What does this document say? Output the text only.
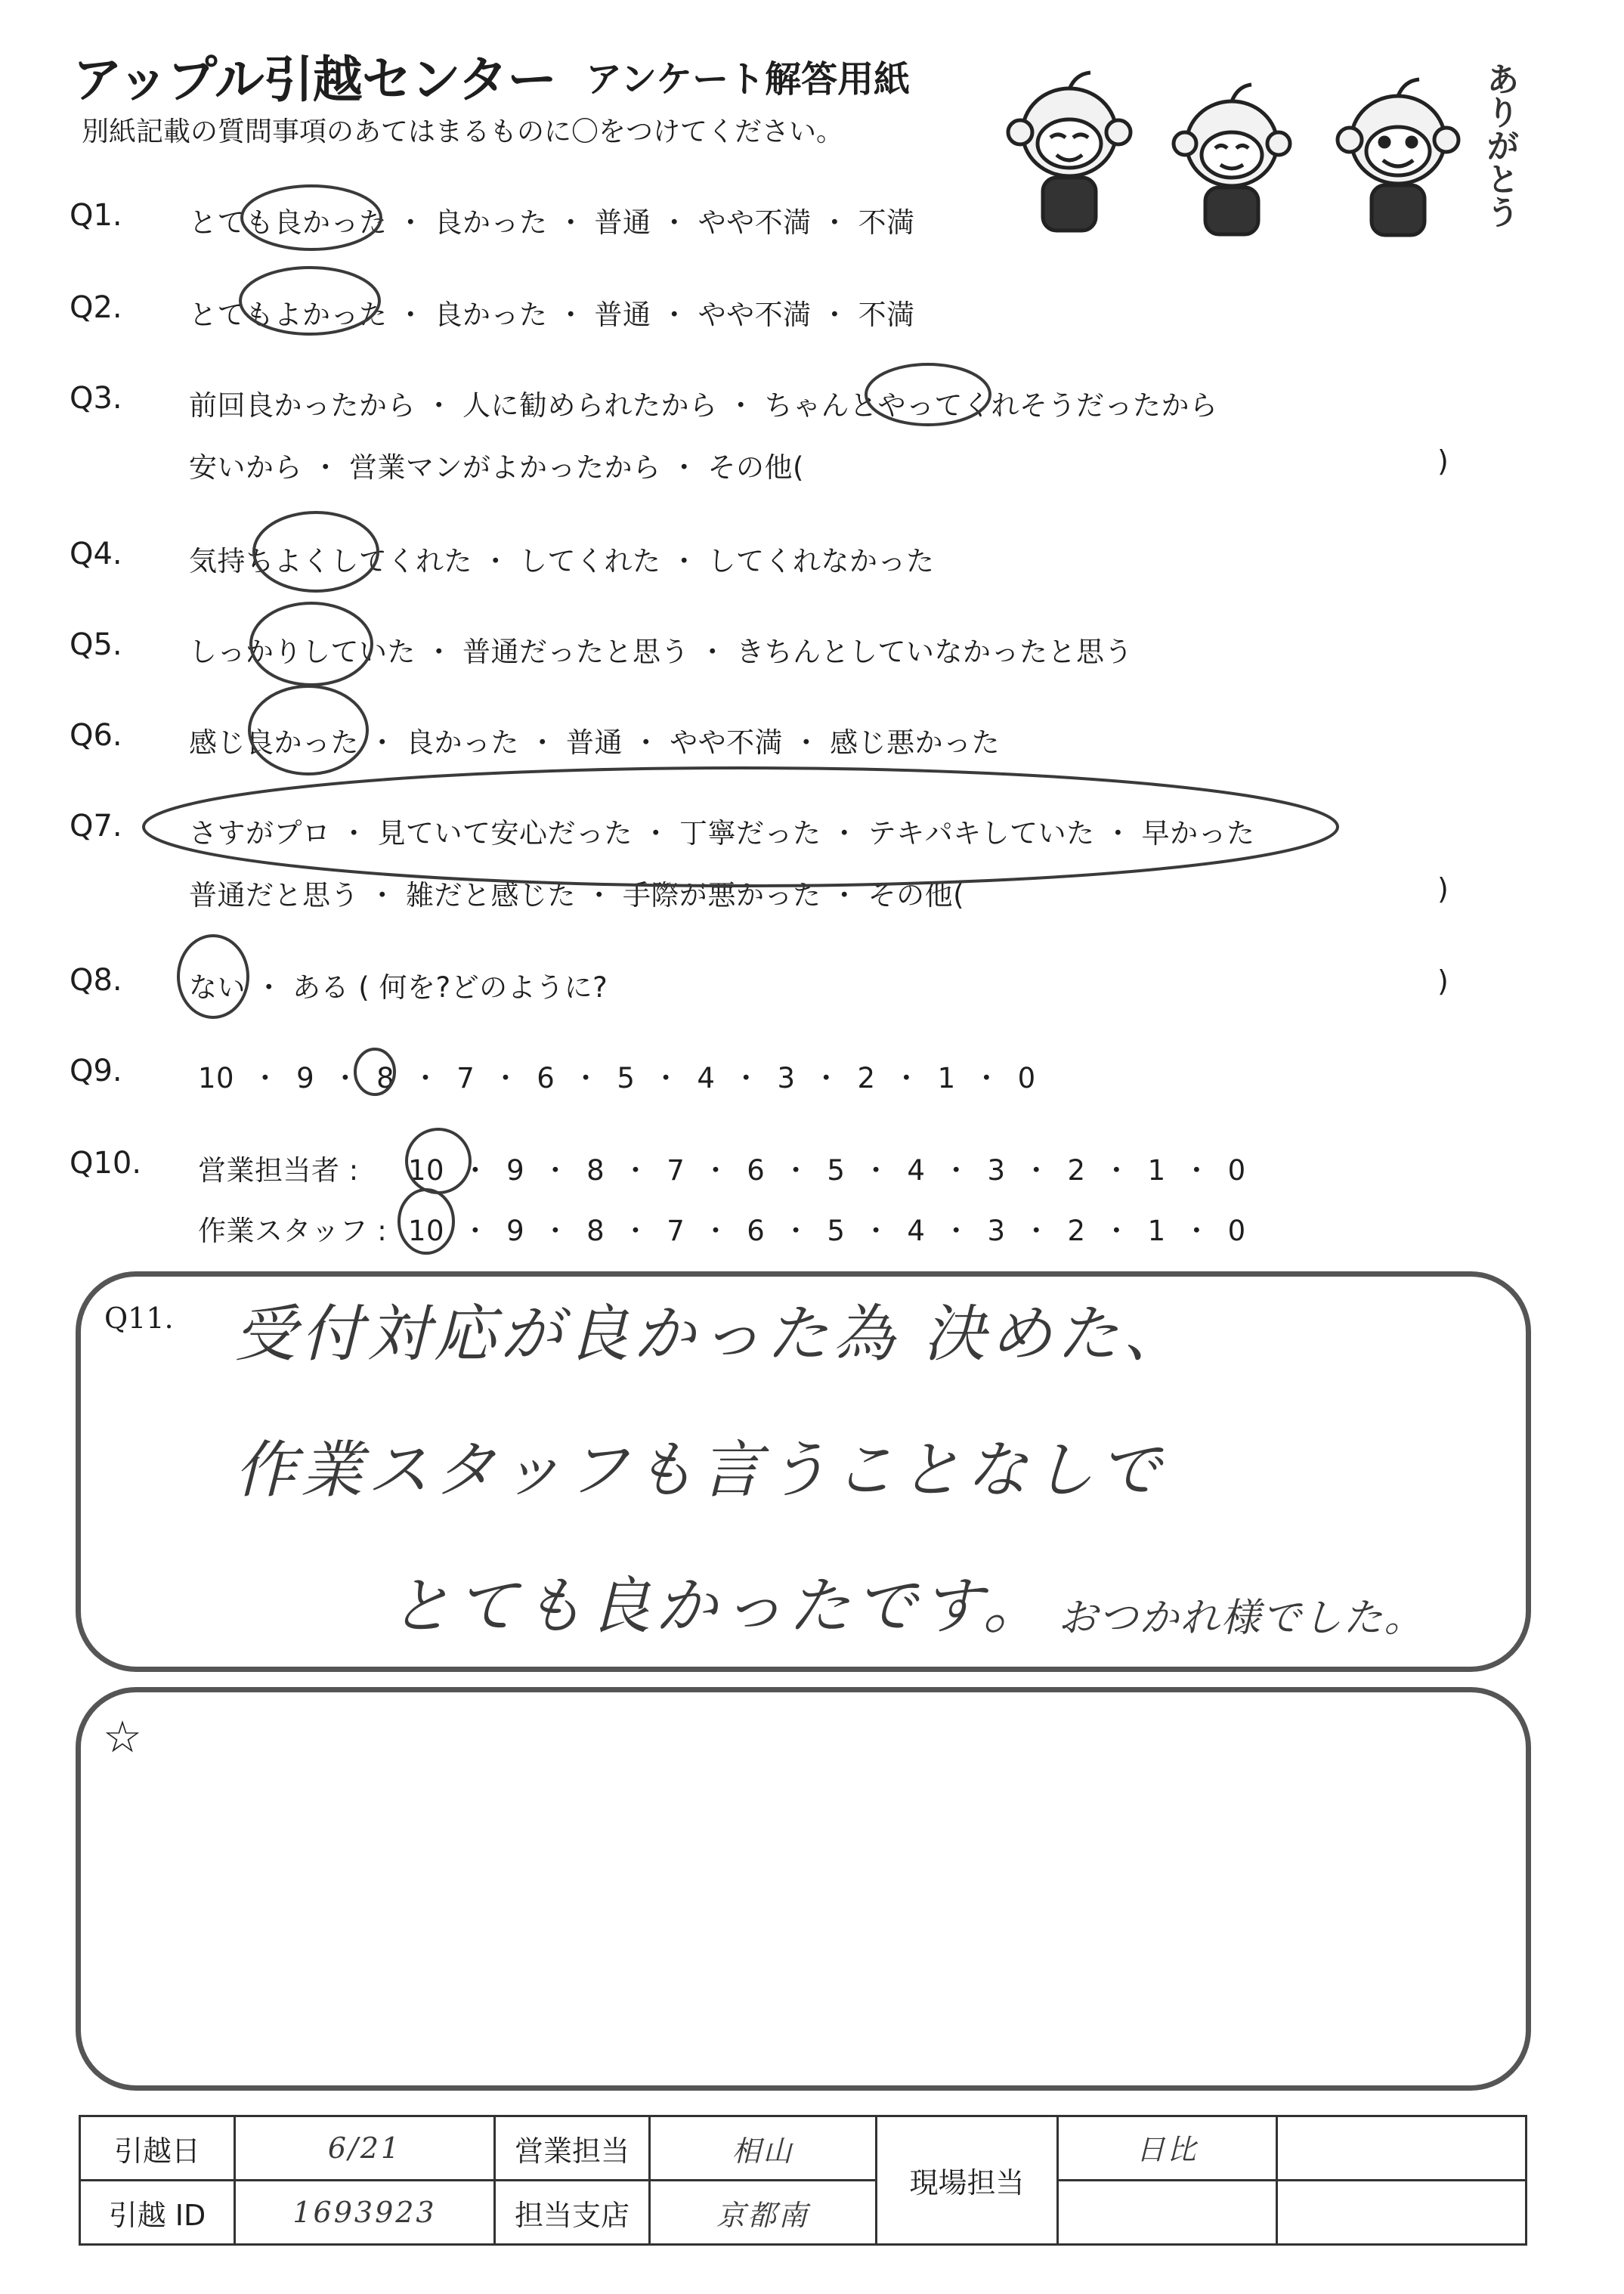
アップル引越センター アンケート解答用紙
別紙記載の質問事項のあてはまるものに〇をつけてください。	ありがとう
Q1. とても良かった ・ 良かった ・ 普通 ・ やや不満 ・ 不満
Q2. とてもよかった ・ 良かった ・ 普通 ・ やや不満 ・ 不満
Q3. 前回良かったから ・ 人に勧められたから ・ ちゃんとやってくれそうだったから
安いから ・ 営業マンがよかったから ・ その他(	)
Q4. 気持ちよくしてくれた ・ してくれた ・ してくれなかった
Q5. しっかりしていた ・ 普通だったと思う ・ きちんとしていなかったと思う
Q6. 感じ良かった ・ 良かった ・ 普通 ・ やや不満 ・ 感じ悪かった
Q7. さすがプロ ・ 見ていて安心だった ・ 丁寧だった ・ テキパキしていた ・ 早かった
普通だと思う ・ 雑だと感じた ・ 手際が悪かった ・ その他(	)
Q8. ない ・ ある ( 何を?どのように?	)
Q9.	10 ・ 9 ・ 8 ・ 7 ・ 6 ・ 5 ・ 4 ・ 3 ・ 2 ・ 1 ・ 0
Q10. 営業担当者 : 10 ・ 9 ・ 8 ・ 7 ・ 6 ・ 5 ・ 4 ・ 3 ・ 2 ・ 1 ・ 0
作業スタッフ : 10 ・ 9 ・ 8 ・ 7 ・ 6 ・ 5 ・ 4 ・ 3 ・ 2 ・ 1 ・ 0
Q11. 受付対応が良かった為 決めた、
作業スタッフも言うことなしで
とても良かったです。 おつかれ様でした。
☆
引越日	6/21	営業担当	相山	現場担当	日比	
引越 ID	1693923	担当支店	京都南			
